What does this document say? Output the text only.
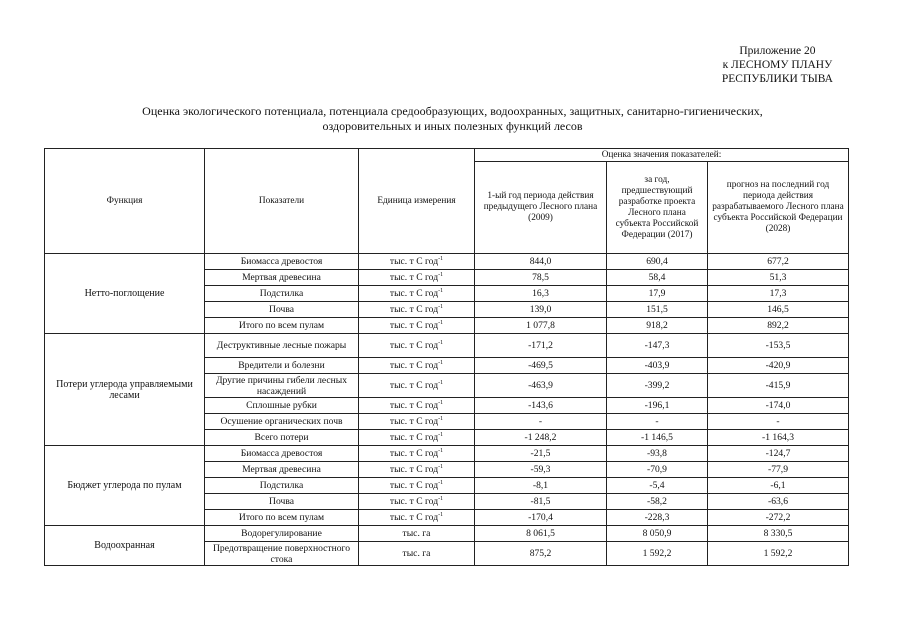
Приложение 20
к ЛЕСНОМУ ПЛАНУ
РЕСПУБЛИКИ ТЫВА
Оценка экологического потенциала, потенциала средообразующих, водоохранных, защитных, санитарно-гигиенических,
оздоровительных и иных полезных функций лесов
Функция	Показатели	Единица измерения	Оценка значения показателей:		
			1-ый год периода действия предыдущего Лесного плана (2009)	за год, предшествующий разработке проекта Лесного плана субъекта Российской Федерации (2017)	прогноз на последний год периода действия разрабатываемого Лесного плана субъекта Российской Федерации (2028)
Нетто-поглощение	Биомасса древостоя	тыс. т С год$^{-1}$	844,0	690,4	677,2
	Мертвая древесина	тыс. т С год$^{-1}$	78,5	58,4	51,3
	Подстилка	тыс. т С год$^{-1}$	16,3	17,9	17,3
	Почва	тыс. т С год$^{-1}$	139,0	151,5	146,5
	Итого по всем пулам	тыс. т С год$^{-1}$	1 077,8	918,2	892,2
Потери углерода управляемыми лесами	Деструктивные лесные пожары	тыс. т С год$^{-1}$	-171,2	-147,3	-153,5
	Вредители и болезни	тыс. т С год$^{-1}$	-469,5	-403,9	-420,9
	Другие причины гибели лесных насаждений	тыс. т С год$^{-1}$	-463,9	-399,2	-415,9
	Сплошные рубки	тыс. т С год$^{-1}$	-143,6	-196,1	-174,0
	Осушение органических почв	тыс. т С год$^{-1}$	-	-	-
	Всего потери	тыс. т С год$^{-1}$	-1 248,2	-1 146,5	-1 164,3
Бюджет углерода по пулам	Биомасса древостоя	тыс. т С год$^{-1}$	-21,5	-93,8	-124,7
	Мертвая древесина	тыс. т С год$^{-1}$	-59,3	-70,9	-77,9
	Подстилка	тыс. т С год$^{-1}$	-8,1	-5,4	-6,1
	Почва	тыс. т С год$^{-1}$	-81,5	-58,2	-63,6
	Итого по всем пулам	тыс. т С год$^{-1}$	-170,4	-228,3	-272,2
Водоохранная	Водорегулирование	тыс. га	8 061,5	8 050,9	8 330,5
	Предотвращение поверхностного стока	тыс. га	875,2	1 592,2	1 592,2
